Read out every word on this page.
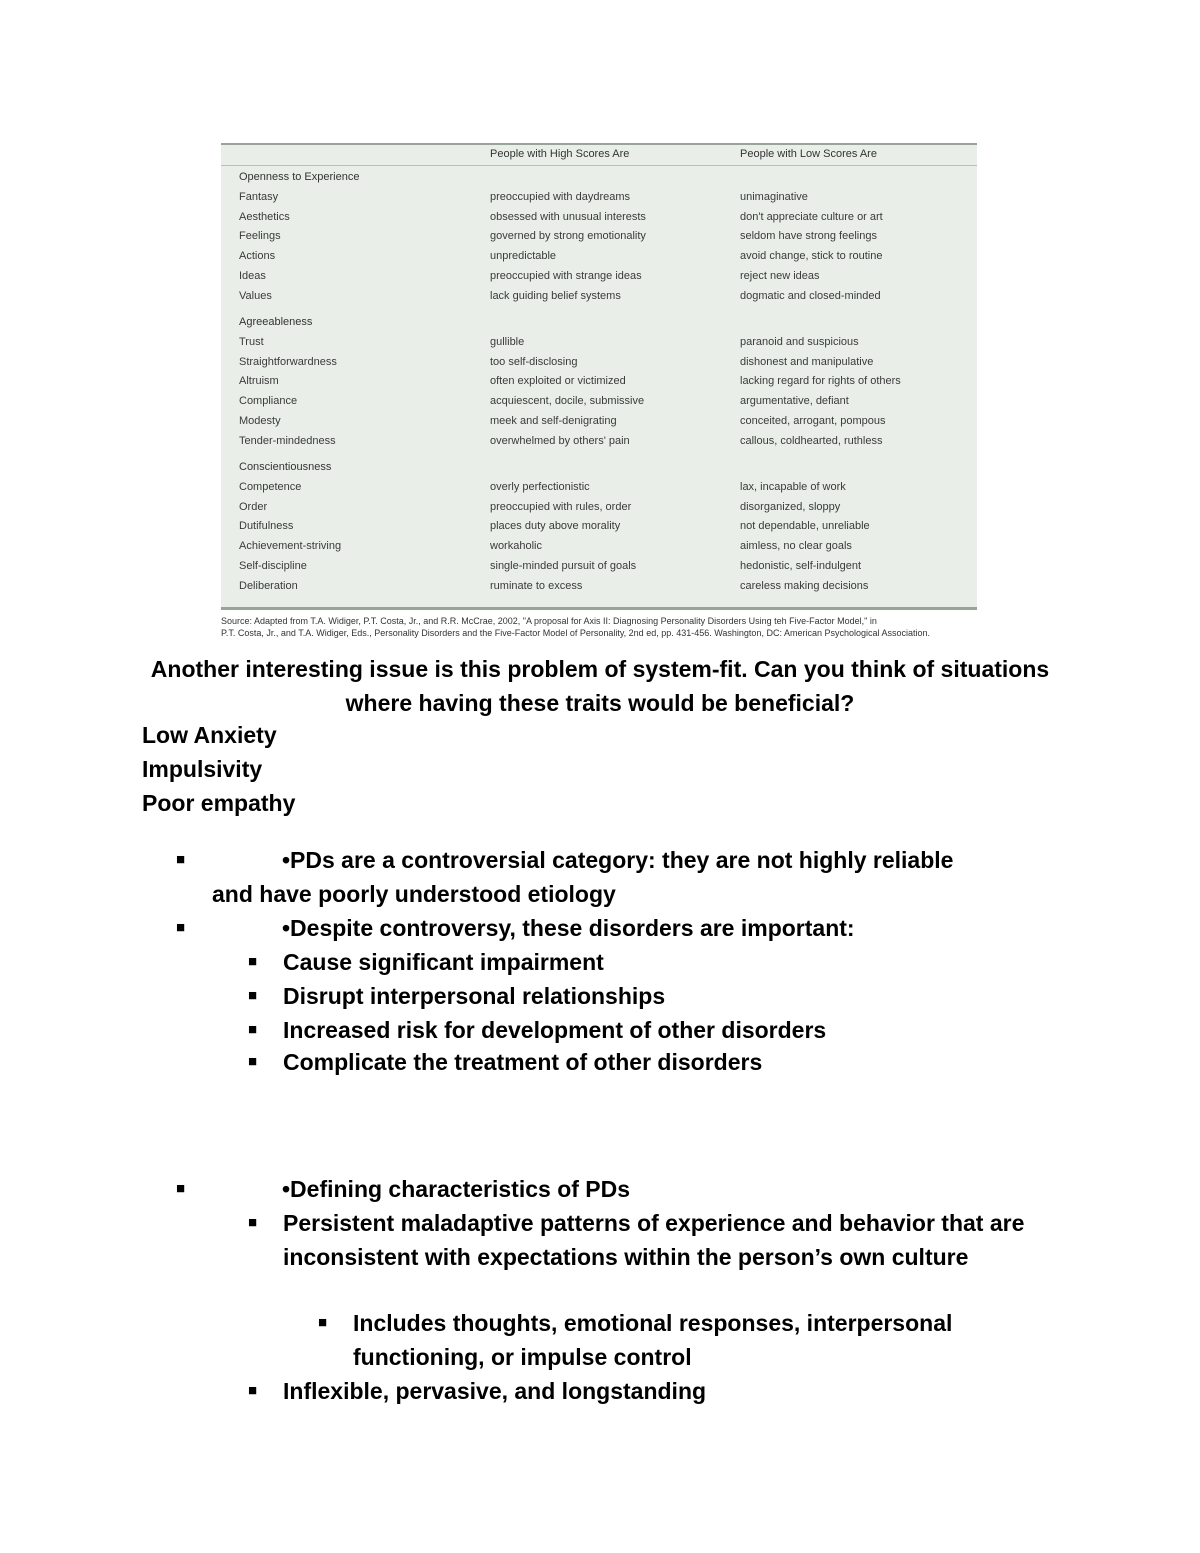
People with High Scores Are	People with Low Scores Are
Openness to Experience
Fantasy	preoccupied with daydreams	unimaginative
Aesthetics	obsessed with unusual interests	don't appreciate culture or art
Feelings	governed by strong emotionality	seldom have strong feelings
Actions	unpredictable	avoid change, stick to routine
Ideas	preoccupied with strange ideas	reject new ideas
Values	lack guiding belief systems	dogmatic and closed-minded
Agreeableness
Trust	gullible	paranoid and suspicious
Straightforwardness	too self-disclosing	dishonest and manipulative
Altruism	often exploited or victimized	lacking regard for rights of others
Compliance	acquiescent, docile, submissive	argumentative, defiant
Modesty	meek and self-denigrating	conceited, arrogant, pompous
Tender-mindedness	overwhelmed by others' pain	callous, coldhearted, ruthless
Conscientiousness
Competence	overly perfectionistic	lax, incapable of work
Order	preoccupied with rules, order	disorganized, sloppy
Dutifulness	places duty above morality	not dependable, unreliable
Achievement-striving	workaholic	aimless, no clear goals
Self-discipline	single-minded pursuit of goals	hedonistic, self-indulgent
Deliberation	ruminate to excess	careless making decisions
Source: Adapted from T.A. Widiger, P.T. Costa, Jr., and R.R. McCrae, 2002, "A proposal for Axis II: Diagnosing Personality Disorders Using teh Five-Factor Model," in
P.T. Costa, Jr., and T.A. Widiger, Eds., Personality Disorders and the Five-Factor Model of Personality, 2nd ed, pp. 431-456. Washington, DC: American Psychological Association.
Another interesting issue is this problem of system-fit. Can you think of situations where having these traits would be beneficial?
Low Anxiety
Impulsivity
Poor empathy
■	•PDs are a controversial category: they are not highly reliable
and have poorly understood etiology
■	•Despite controversy, these disorders are important:
■ Cause significant impairment
■ Disrupt interpersonal relationships
■ Increased risk for development of other disorders
■ Complicate the treatment of other disorders
■	•Defining characteristics of PDs
■ Persistent maladaptive patterns of experience and behavior that are inconsistent with expectations within the person’s own culture
■ Includes thoughts, emotional responses, interpersonal functioning, or impulse control
■ Inflexible, pervasive, and longstanding
